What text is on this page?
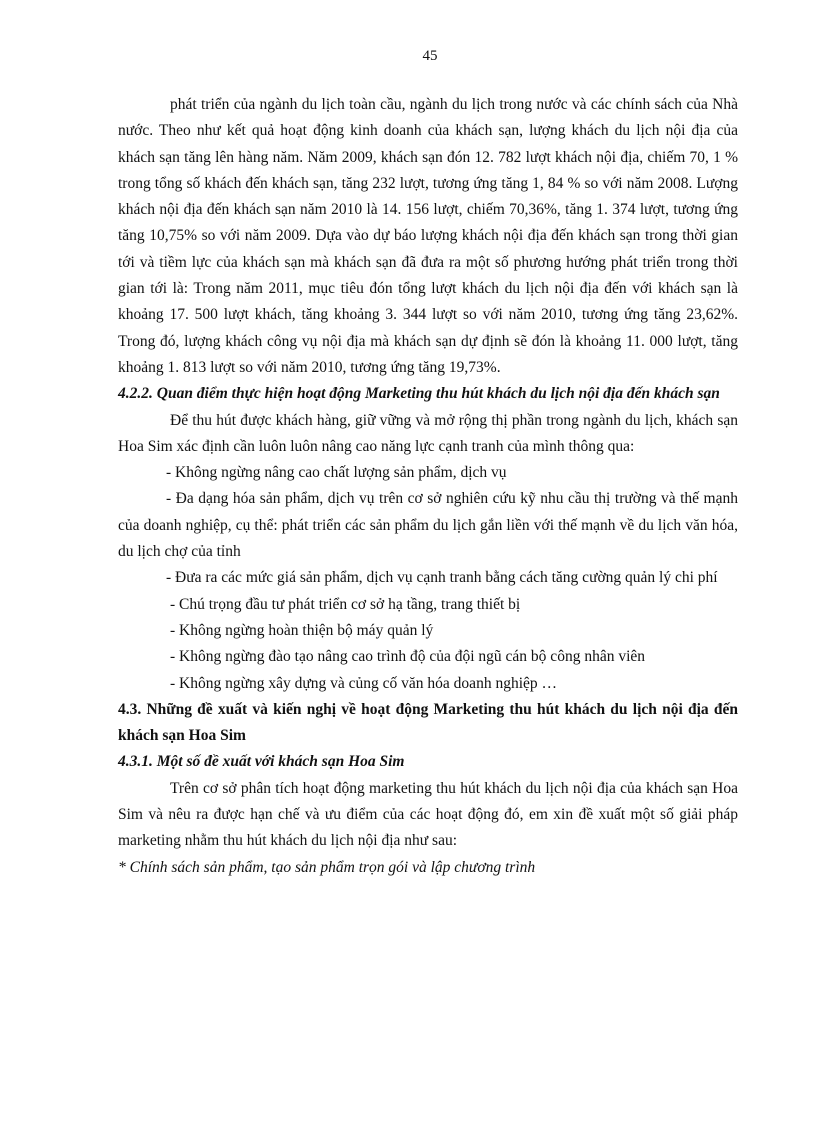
45

phát triển của ngành du lịch toàn cầu, ngành du lịch trong nước và các chính sách của Nhà nước. Theo như kết quả hoạt động kinh doanh của khách sạn, lượng khách du lịch nội địa của khách sạn tăng lên hàng năm. Năm 2009, khách sạn đón 12. 782 lượt khách nội địa, chiếm 70, 1 % trong tổng số khách đến khách sạn, tăng 232 lượt, tương ứng tăng 1, 84 % so với năm 2008. Lượng khách nội địa đến khách sạn năm 2010 là 14. 156 lượt, chiếm 70,36%, tăng 1. 374 lượt, tương ứng tăng 10,75% so với năm 2009. Dựa vào dự báo lượng khách nội địa đến khách sạn trong thời gian tới và tiềm lực của khách sạn mà khách sạn đã đưa ra một số phương hướng phát triển trong thời gian tới là: Trong năm 2011, mục tiêu đón tổng lượt khách du lịch nội địa đến với khách sạn là khoảng 17. 500 lượt khách, tăng khoảng 3. 344 lượt so với năm 2010, tương ứng tăng 23,62%. Trong đó, lượng khách công vụ nội địa mà khách sạn dự định sẽ đón là khoảng 11. 000 lượt, tăng khoảng 1. 813 lượt so với năm 2010, tương ứng tăng 19,73%.

4.2.2. Quan điểm thực hiện hoạt động Marketing thu hút khách du lịch nội địa đến khách sạn

Để thu hút được khách hàng, giữ vững và mở rộng thị phần trong ngành du lịch, khách sạn Hoa Sim xác định cần luôn luôn nâng cao năng lực cạnh tranh của mình thông qua:

- Không ngừng nâng cao chất lượng sản phẩm, dịch vụ

- Đa dạng hóa sản phẩm, dịch vụ trên cơ sở nghiên cứu kỹ nhu cầu thị trường và thế mạnh của doanh nghiệp, cụ thể: phát triển các sản phẩm du lịch gắn liền với thế mạnh về du lịch văn hóa, du lịch chợ của tỉnh

- Đưa ra các mức giá sản phẩm, dịch vụ cạnh tranh bằng cách tăng cường quản lý chi phí

- Chú trọng đầu tư phát triển cơ sở hạ tầng, trang thiết bị

- Không ngừng hoàn thiện bộ máy quản lý

- Không ngừng đào tạo nâng cao trình độ của đội ngũ cán bộ công nhân viên

- Không ngừng xây dựng và củng cố văn hóa doanh nghiệp …

4.3. Những đề xuất và kiến nghị về hoạt động Marketing thu hút khách du lịch nội địa đến khách sạn Hoa Sim

4.3.1. Một số đề xuất với khách sạn Hoa Sim

Trên cơ sở phân tích hoạt động marketing thu hút khách du lịch nội địa của khách sạn Hoa Sim và nêu ra được hạn chế và ưu điểm của các hoạt động đó, em xin đề xuất một số giải pháp marketing nhằm thu hút khách du lịch nội địa như sau:

* Chính sách sản phẩm, tạo sản phẩm trọn gói và lập chương trình
